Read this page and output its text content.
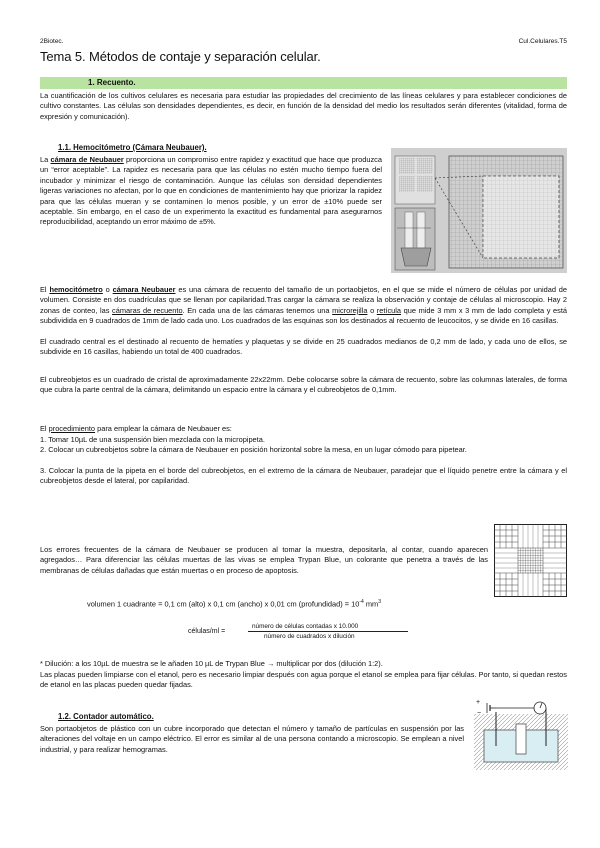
2Biotec.	Cul.Celulares.T5
Tema 5. Métodos de contaje y separación celular.
1. Recuento.

La cuantificación de los cultivos celulares es necesaria para estudiar las propiedades del crecimiento de las líneas celulares y para establecer condiciones de cultivo constantes. Las células son densidades dependientes, es decir, en función de la densidad del medio los resultados serán diferentes (vitalidad, forma de expresión y comunicación).

1.1. Hemocitómetro (Cámara Neubauer).

La cámara de Neubauer proporciona un compromiso entre rapidez y exactitud que hace que produzca un “error aceptable”. La rapidez es necesaria para que las células no estén mucho tiempo fuera del incubador y minimizar el riesgo de contaminación. Aunque las células son densidad dependientes ligeras variaciones no afectan, por lo que en condiciones de mantenimiento hay que priorizar la rapidez para que las células mueran y se contaminen lo menos posible, y un error de ±10% puede ser aceptable. Sin embargo, en el caso de un experimento la exactitud es fundamental para asegurarnos reproducibilidad, aceptando un error máximo de ±5%.

El hemocitómetro o cámara Neubauer es una cámara de recuento del tamaño de un portaobjetos, en el que se mide el número de células por unidad de volumen. Consiste en dos cuadrículas que se llenan por capilaridad.Tras cargar la cámara se realiza la observación y contaje de células al microscopio. Hay 2 zonas de conteo, las cámaras de recuento. En cada una de las cámaras tenemos una microrejilla o retícula que mide 3 mm x 3 mm de lado completa y está subdividida en 9 cuadrados de 1mm de lado cada uno. Los cuadrados de las esquinas son los destinados al recuento de leucocitos, y se divide en 16 casillas.

El cuadrado central es el destinado al recuento de hematíes y plaquetas y se divide en 25 cuadrados medianos de 0,2 mm de lado, y cada uno de ellos, se subdivide en 16 casillas, habiendo un total de 400 cuadrados.

El cubreobjetos es un cuadrado de cristal de aproximadamente 22x22mm. Debe colocarse sobre la cámara de recuento, sobre las columnas laterales, de forma que cubra la parte central de la cámara, delimitando un espacio entre la cámara y el cubreobjetos de 0,1mm.

El procedimiento para emplear la cámara de Neubauer es:

1. Tomar 10µL de una suspensión bien mezclada con la micropipeta.

2. Colocar un cubreobjetos sobre la cámara de Neubauer en posición horizontal sobre la mesa, en un lugar cómodo para pipetear.

3. Colocar la punta de la pipeta en el borde del cubreobjetos, en el extremo de la cámara de Neubauer, paradejar que el líquido penetre entre la cámara y el cubreobjetos desde el lateral, por capilaridad.

Los errores frecuentes de la cámara de Neubauer se producen al tomar la muestra, depositarla, al contar, cuando aparecen agregados… Para diferenciar las células muertas de las vivas se emplea Trypan Blue, un colorante que penetra a través de las membranas de células dañadas que están muertas o en proceso de apoptosis.

volumen 1 cuadrante = 0,1 cm (alto) x 0,1 cm (ancho) x 0,01 cm (profundidad) = $10^{-4}$ $mm^3$
células/ml =
número de células contadas x 10.000
número de cuadrados x dilución

* Dilución: a los 10µL de muestra se le añaden 10 µL de Trypan Blue → multiplicar por dos (dilución 1:2).

Las placas pueden limpiarse con el etanol, pero es necesario limpiar después con agua porque el etanol se emplea para fijar células. Por tanto, si quedan restos de etanol en las placas pueden quedar fijadas.

1.2. Contador automático.

Son portaobjetos de plástico con un cubre incorporado que detectan el número y tamaño de partículas en suspensión por las alteraciones del voltaje en un campo eléctrico. El error es similar al de una persona contando a microscopio. Se emplean a nivel industrial, y para realizar hemogramas.

+
−
